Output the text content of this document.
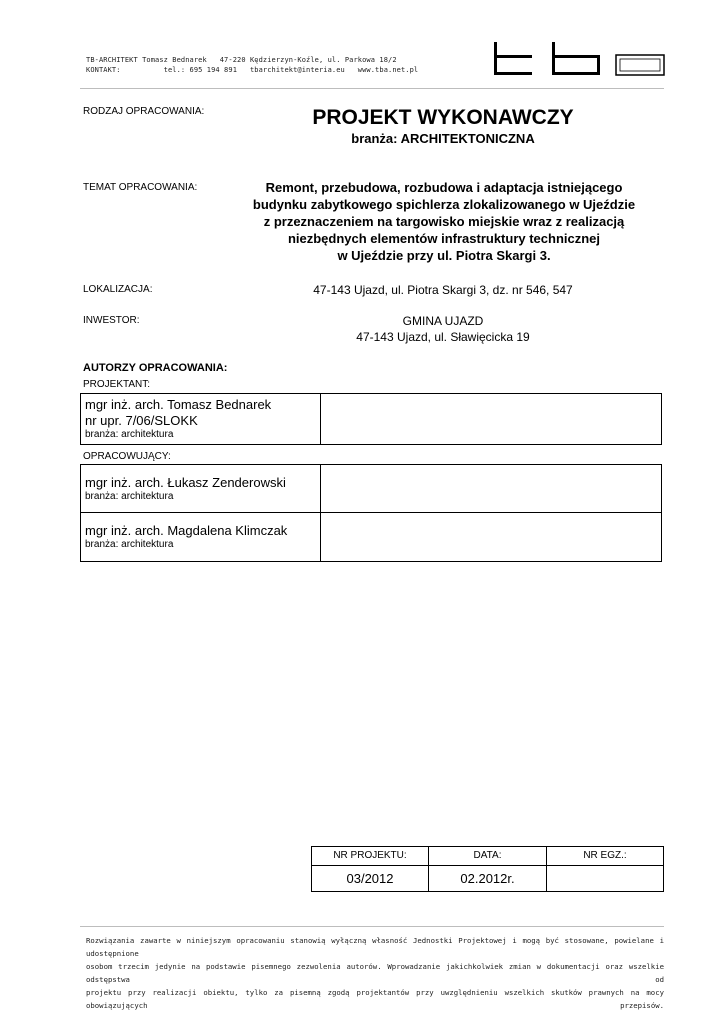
TB-ARCHITEKT Tomasz Bednarek   47-220 Kędzierzyn-Koźle, ul. Parkowa 18/2
KONTAKT:          tel.: 695 194 891   tbarchitekt@interia.eu   www.tba.net.pl
RODZAJ OPRACOWANIA:	PROJEKT WYKONAWCZY
branża: ARCHITEKTONICZNA
TEMAT OPRACOWANIA:	Remont, przebudowa, rozbudowa i adaptacja istniejącego
budynku zabytkowego spichlerza zlokalizowanego w Ujeździe
z przeznaczeniem na targowisko miejskie wraz z realizacją
niezbędnych elementów infrastruktury technicznej
w Ujeździe przy ul. Piotra Skargi 3.
LOKALIZACJA:	47-143 Ujazd, ul. Piotra Skargi 3, dz. nr 546, 547
INWESTOR:	GMINA UJAZD
47-143 Ujazd, ul. Sławięcicka 19
AUTORZY OPRACOWANIA:
PROJEKTANT:
mgr inż. arch. Tomasz Bednarek
nr upr. 7/06/SLOKK
branża: architektura
OPRACOWUJĄCY:
mgr inż. arch. Łukasz Zenderowski
branża: architektura
mgr inż. arch. Magdalena Klimczak
branża: architektura
NR PROJEKTU:	DATA:	NR EGZ.:
03/2012	02.2012r.
Rozwiązania zawarte w niniejszym opracowaniu stanowią wyłączną własność Jednostki Projektowej i mogą być stosowane, powielane i udostępnione
osobom trzecim jedynie na podstawie pisemnego zezwolenia autorów. Wprowadzanie jakichkolwiek zmian w dokumentacji oraz wszelkie odstępstwa od
projektu przy realizacji obiektu, tylko za pisemną zgodą projektantów przy uwzględnieniu wszelkich skutków prawnych na mocy obowiązujących przepisów.
